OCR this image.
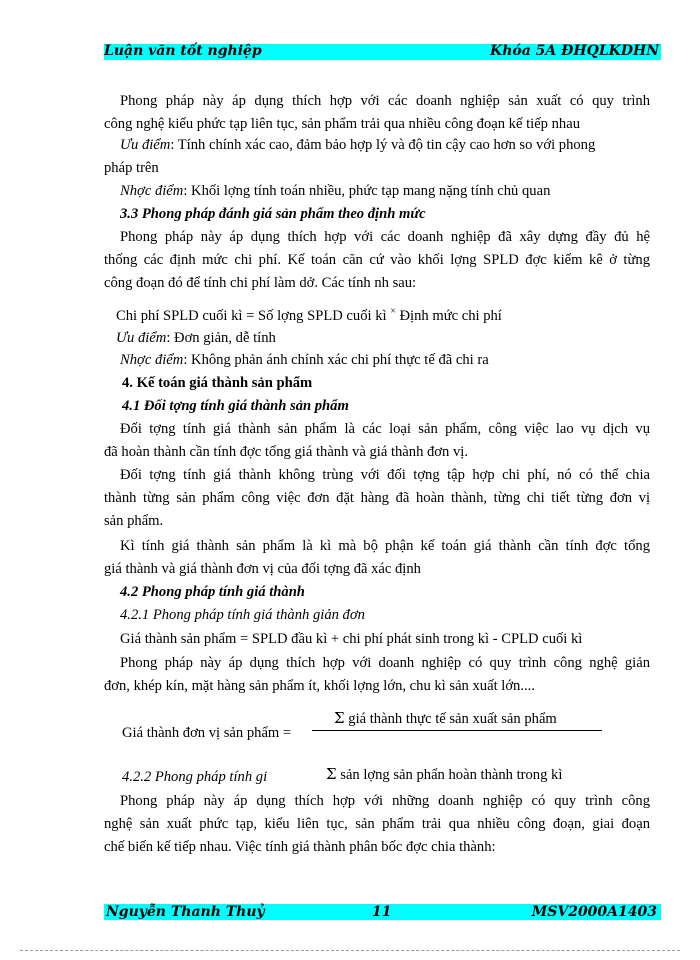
Luận văn tốt nghiệp	Khóa 5A ĐHQLKDHN
Phong pháp này áp dụng thích hợp với các doanh nghiệp sản xuất có quy trình
công nghệ kiểu phức tạp liên tục, sản phẩm trải qua nhiều công đoạn kế tiếp nhau
Ưu điểm: Tính chính xác cao, đảm bảo hợp lý và độ tin cậy cao hơn so với phong
pháp trên
Nhợc điểm: Khối lợng tính toán nhiều, phức tạp mang nặng tính chủ quan
3.3 Phong pháp đánh giá sản phẩm theo định mức
Phong pháp này áp dụng thích hợp với các doanh nghiệp đã xây dựng đầy đủ hệ
thống các định mức chi phí. Kế toán căn cứ vào khối lợng SPLD đợc kiểm kê ở từng
công đoạn đó để tính chi phí làm dở. Các tính nh sau:
Chi phí SPLD cuối kì = Số lợng SPLD cuối kì × Định mức chi phí
Ưu điểm: Đơn giản, dễ tính
Nhợc điểm: Không phản ánh chính xác chi phí thực tế đã chi ra
4. Kế toán giá thành sản phẩm
4.1 Đối tợng tính giá thành sản phẩm
Đối tợng tính giá thành sản phẩm là các loại sản phẩm, công việc lao vụ dịch vụ
đã hoàn thành cần tính đợc tổng giá thành và giá thành đơn vị.
Đối tợng tính giá thành không trùng với đối tợng tập hợp chi phí, nó có thể chia
thành từng sản phẩm công việc đơn đặt hàng đã hoàn thành, từng chi tiết từng đơn vị
sản phẩm.
Kì tính giá thành sản phẩm là kì mà bộ phận kế toán giá thành cần tính đợc tổng
giá thành và giá thành đơn vị của đối tợng đã xác định
4.2 Phong pháp tính giá thành
4.2.1 Phong pháp tính giá thành giản đơn
Giá thành sản phẩm = SPLD đầu kì + chi phí phát sinh trong kì - CPLD cuối kì
Phong pháp này áp dụng thích hợp với doanh nghiệp có quy trình công nghệ giản
đơn, khép kín, mặt hàng sản phẩm ít, khối lợng lớn, chu kì sản xuất lớn....
Giá thành đơn vị sản phẩm =
Σ giá thành thực tế sản xuất sản phẩm
4.2.2 Phong pháp tính gi	Σ sản lợng sản phẩn hoàn thành trong kì
Phong pháp này áp dụng thích hợp với những doanh nghiệp có quy trình công
nghệ sản xuất phức tạp, kiểu liên tục, sản phẩm trải qua nhiều công đoạn, giai đoạn
chế biến kế tiếp nhau. Việc tính giá thành phân bốc đợc chia thành:
Nguyễn Thanh Thuỷ	11	MSV2000A1403
